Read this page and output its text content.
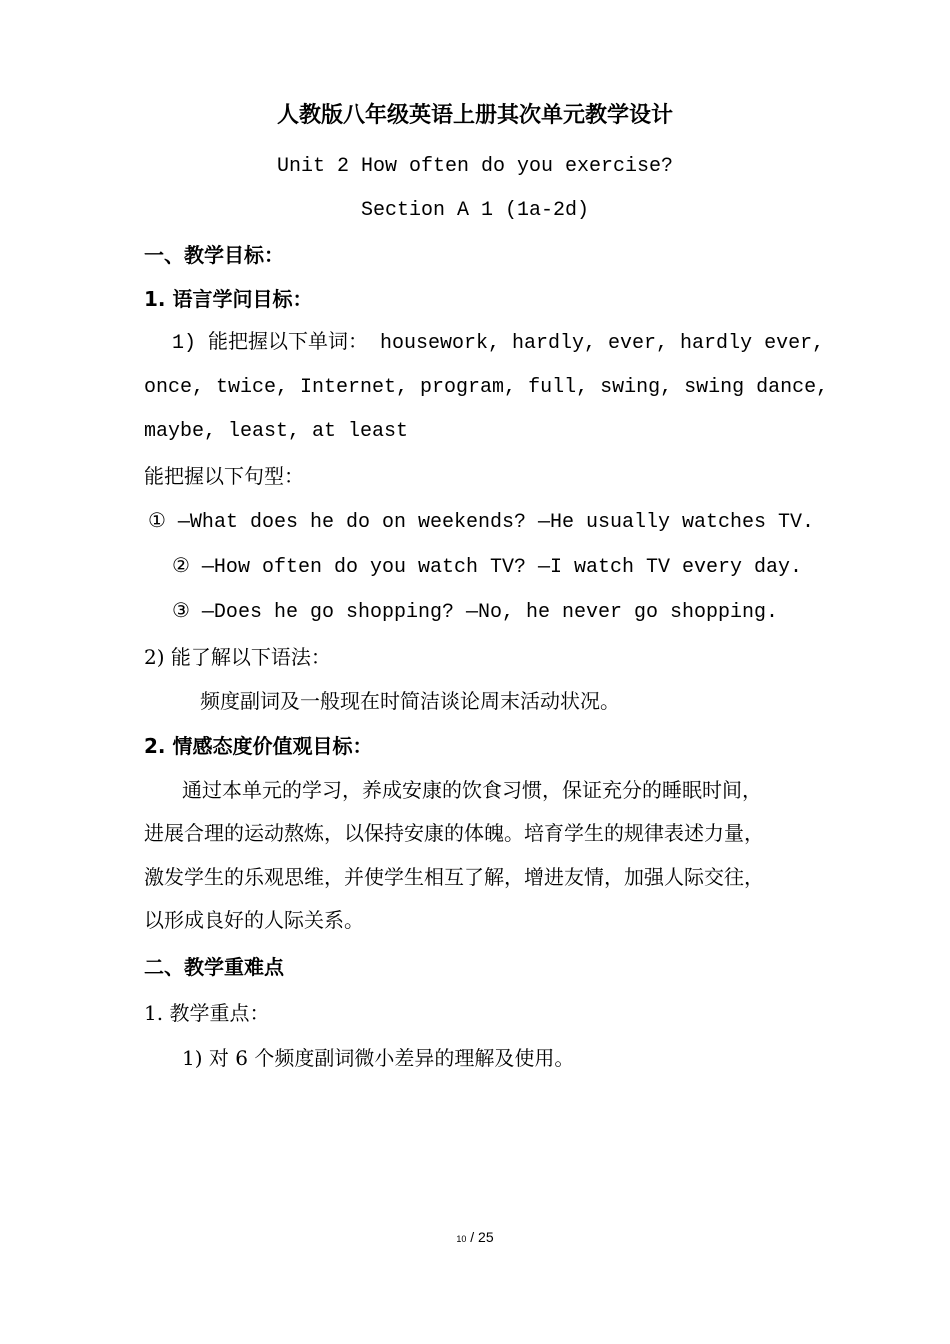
人教版八年级英语上册其次单元教学设计
Unit 2 How often do you exercise?
Section A 1 (1a-2d)
一、教学目标：
1. 语言学问目标：
1) 能把握以下单词： housework, hardly, ever, hardly ever,
once, twice, Internet, program, full, swing, swing dance,
maybe, least, at least
能把握以下句型：
① —What does he do on weekends? —He usually watches TV.
② —How often do you watch TV? —I watch TV every day.
③ —Does he go shopping? —No, he never go shopping.
2) 能了解以下语法：
频度副词及一般现在时简洁谈论周末活动状况。
2. 情感态度价值观目标：
通过本单元的学习，养成安康的饮食习惯，保证充分的睡眠时间，
进展合理的运动熬炼，以保持安康的体魄。培育学生的规律表述力量，
激发学生的乐观思维，并使学生相互了解，增进友情，加强人际交往，
以形成良好的人际关系。
二、教学重难点
1. 教学重点：
1) 对 6 个频度副词微小差异的理解及使用。
10 / 25
